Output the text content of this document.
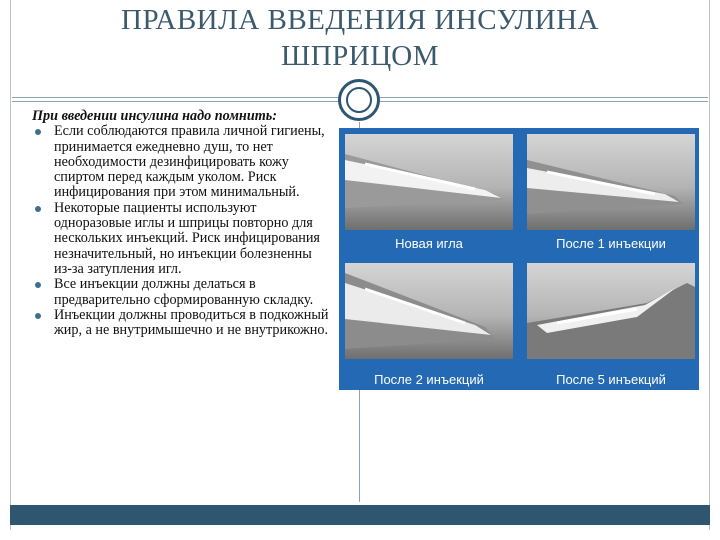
ПРАВИЛА ВВЕДЕНИЯ ИНСУЛИНА
ШПРИЦОМ
При введении инсулина надо помнить:
Если соблюдаются правила личной гигиены, принимается ежедневно душ, то нет необходимости дезинфицировать кожу спиртом перед каждым уколом. Риск инфицирования при этом минимальный.
Некоторые пациенты используют одноразовые иглы и шприцы повторно для нескольких инъекций. Риск инфицирования незначительный, но инъекции болезненны из-за затупления игл.
Все инъекции должны делаться в предварительно сформированную складку.
Инъекции должны проводиться в подкожный жир, а не внутримышечно и не внутрикожно.
Новая игла	После 1 инъекции
После 2 инъекций	После 5 инъекций
